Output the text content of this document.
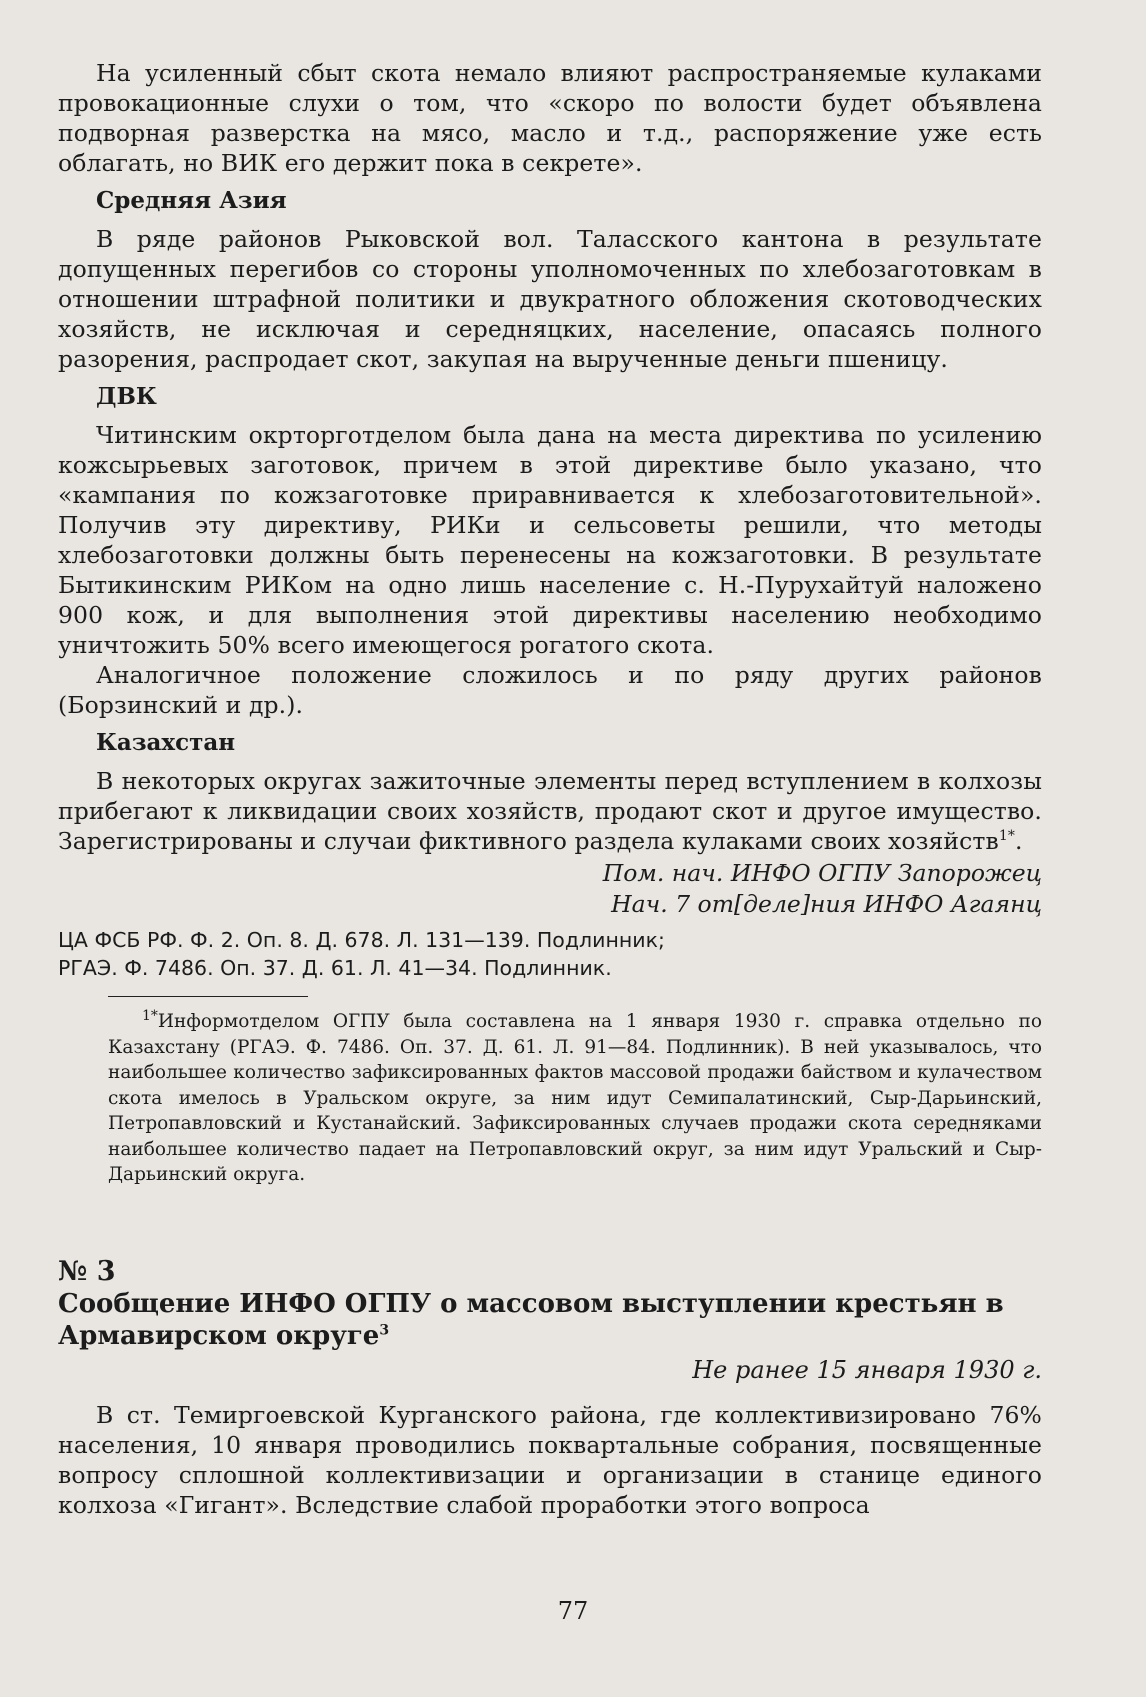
На усиленный сбыт скота немало влияют распространяемые кулаками провокационные слухи о том, что «скоро по волости будет объявлена подворная разверстка на мясо, масло и т.д., распоряжение уже есть облагать, но ВИК его держит пока в секрете».

Средняя Азия

В ряде районов Рыковской вол. Таласского кантона в результате допущенных перегибов со стороны уполномоченных по хлебозаготовкам в отношении штрафной политики и двукратного обложения скотоводческих хозяйств, не исключая и середняцких, население, опасаясь полного разорения, распродает скот, закупая на вырученные деньги пшеницу.

ДВК

Читинским окрторготделом была дана на места директива по усилению кожсырьевых заготовок, причем в этой директиве было указано, что «кампания по кожзаготовке приравнивается к хлебозаготовительной». Получив эту директиву, РИКи и сельсоветы решили, что методы хлебозаготовки должны быть перенесены на кожзаготовки. В результате Бытикинским РИКом на одно лишь население с. Н.-Пурухайтуй наложено 900 кож, и для выполнения этой директивы населению необходимо уничтожить 50% всего имеющегося рогатого скота.

Аналогичное положение сложилось и по ряду других районов (Борзинский и др.).

Казахстан

В некоторых округах зажиточные элементы перед вступлением в колхозы прибегают к ликвидации своих хозяйств, продают скот и другое имущество. Зарегистрированы и случаи фиктивного раздела кулаками своих хозяйств$^{1*}$.

Пом. нач. ИНФО ОГПУ Запорожец
Нач. 7 от[деле]ния ИНФО Агаянц
ЦА ФСБ РФ. Ф. 2. Оп. 8. Д. 678. Л. 131—139. Подлинник;
РГАЭ. Ф. 7486. Оп. 37. Д. 61. Л. 41—34. Подлинник.

$^{1*}$Информотделом ОГПУ была составлена на 1 января 1930 г. справка отдельно по Казахстану (РГАЭ. Ф. 7486. Оп. 37. Д. 61. Л. 91—84. Подлинник). В ней указывалось, что наибольшее количество зафиксированных фактов массовой продажи байством и кулачеством скота имелось в Уральском округе, за ним идут Семипалатинский, Сыр-Дарьинский, Петропавловский и Кустанайский. Зафиксированных случаев продажи скота середняками наибольшее количество падает на Петропавловский округ, за ним идут Уральский и Сыр-Дарьинский округа.

№ 3
Сообщение ИНФО ОГПУ о массовом выступлении крестьян в Армавирском округе$^3$
Не ранее 15 января 1930 г.

В ст. Темиргоевской Курганского района, где коллективизировано 76% населения, 10 января проводились поквартальные собрания, посвященные вопросу сплошной коллективизации и организации в станице единого колхоза «Гигант». Вследствие слабой проработки этого вопроса

77
